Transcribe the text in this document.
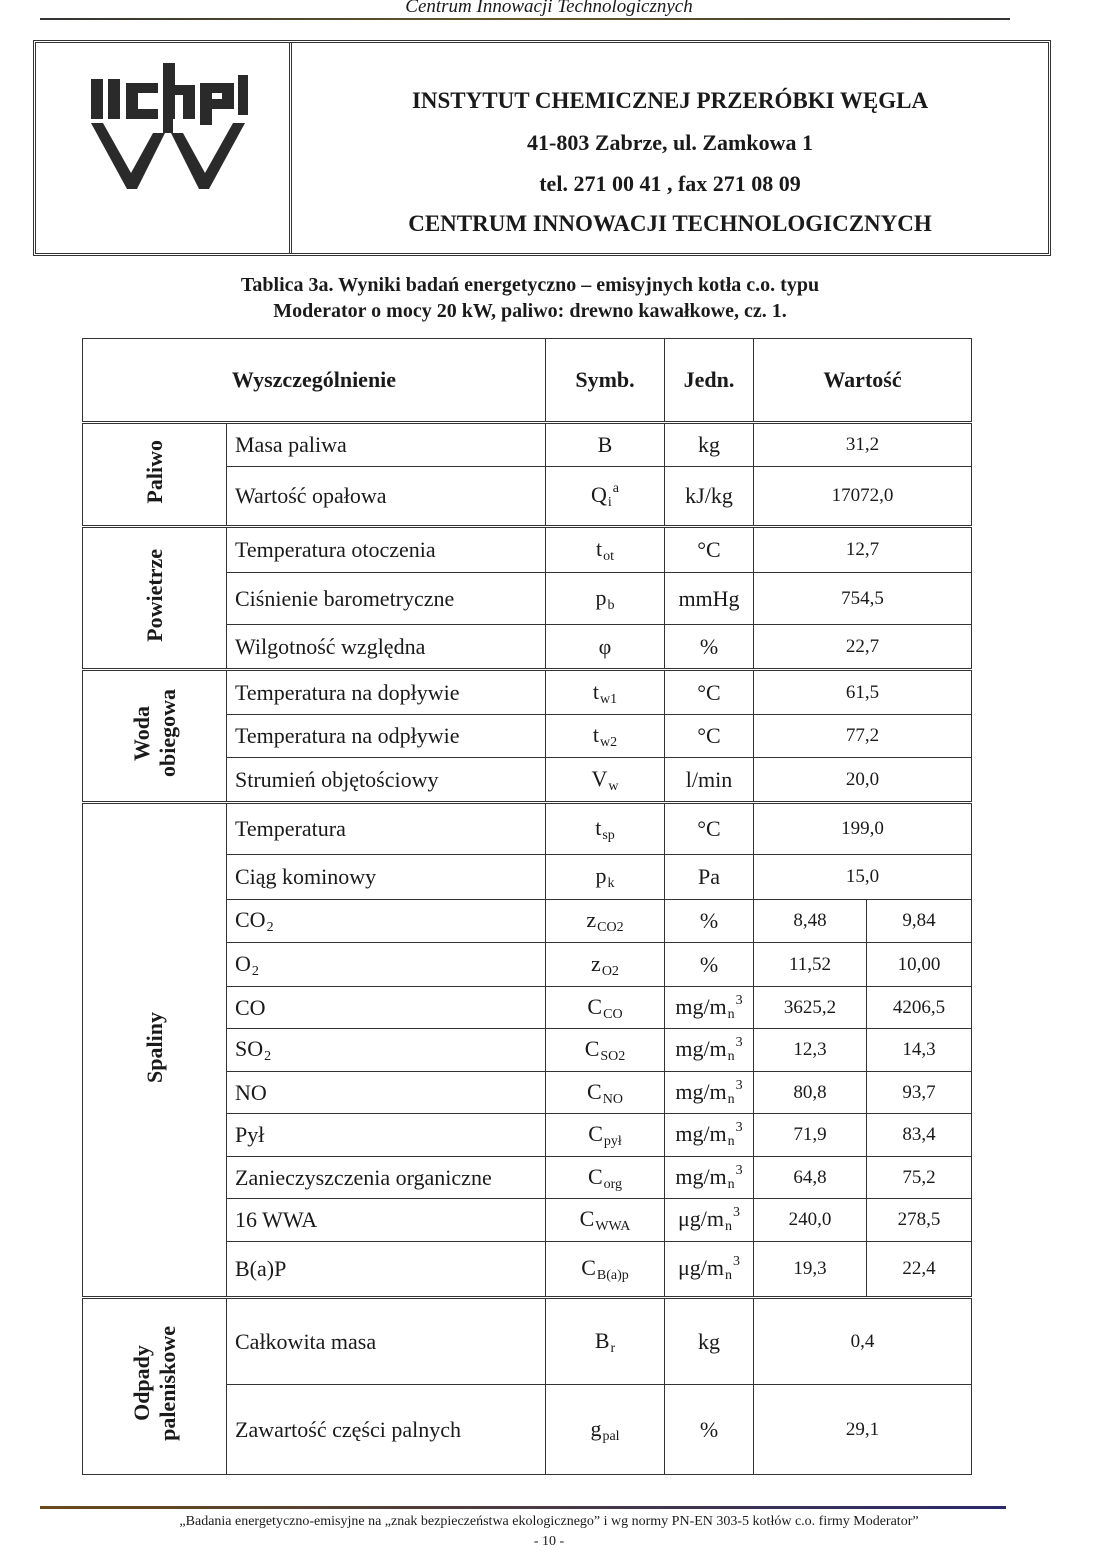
Centrum Innowacji Technologicznych
INSTYTUT CHEMICZNEJ PRZERÓBKI WĘGLA
41-803 Zabrze, ul. Zamkowa 1
tel. 271 00 41 , fax 271 08 09
CENTRUM INNOWACJI TECHNOLOGICZNYCH
Tablica 3a. Wyniki badań energetyczno – emisyjnych kotła c.o. typu
Moderator o mocy 20 kW, paliwo: drewno kawałkowe, cz. 1.
Wyszczególnienie		Symb.	Jedn.	Wartość	

Paliwo	Masa paliwa	B	kg	31,2	
	Wartość opałowa	$Q_i^a$	kJ/kg	17072,0	

Powietrze	Temperatura otoczenia	$t_{ot}$	°C	12,7	
	Ciśnienie barometryczne	$p_b$	mmHg	754,5	
	Wilgotność względna	φ	%	22,7	

Woda obiegowa	Temperatura na dopływie	$t_{w1}$	°C	61,5	
	Temperatura na odpływie	$t_{w2}$	°C	77,2	
	Strumień objętościowy	$V_w$	l/min	20,0	

Spaliny	Temperatura	$t_{sp}$	°C	199,0	
	Ciąg kominowy	$p_k$	Pa	15,0	
	$CO_2$	$z_{CO2}$	%	8,48	9,84
	$O_2$	$z_{O2}$	%	11,52	10,00
	CO	$C_{CO}$	$mg/m_n^3$	3625,2	4206,5
	$SO_2$	$C_{SO2}$	$mg/m_n^3$	12,3	14,3
	NO	$C_{NO}$	$mg/m_n^3$	80,8	93,7
	Pył	$C_{pył}$	$mg/m_n^3$	71,9	83,4
	Zanieczyszczenia organiczne	$C_{org}$	$mg/m_n^3$	64,8	75,2
	16 WWA	$C_{WWA}$	$\mu g/m_n^3$	240,0	278,5
	B(a)P	$C_{B(a)p}$	$\mu g/m_n^3$	19,3	22,4

Odpady paleniskowe	Całkowita masa	$B_r$	kg	0,4	
	Zawartość części palnych	$g_{pal}$	%	29,1	
„Badania energetyczno-emisyjne na „znak bezpieczeństwa ekologicznego” i wg normy PN-EN 303-5 kotłów c.o. firmy Moderator”
- 10 -
